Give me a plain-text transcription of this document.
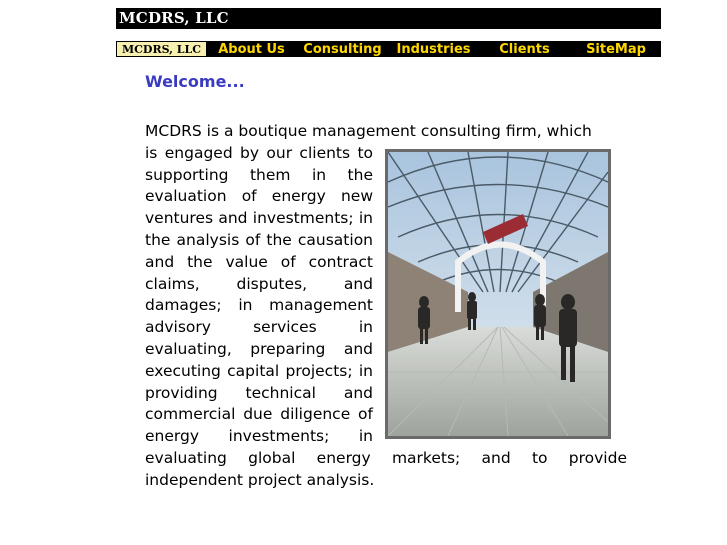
MCDRS, LLC
MCDRS, LLC	About Us	Consulting	Industries	Clients	SiteMap
Welcome...
MCDRS is a boutique management consulting firm, which
is engaged by our clients to supporting them in the evaluation of energy new ventures and investments; in the analysis of the causation and the value of contract claims, disputes, and damages; in management advisory services in evaluating, preparing and executing capital projects; in providing technical and commercial due diligence of energy investments; in evaluating global energy markets; and to provide independent project analysis.
